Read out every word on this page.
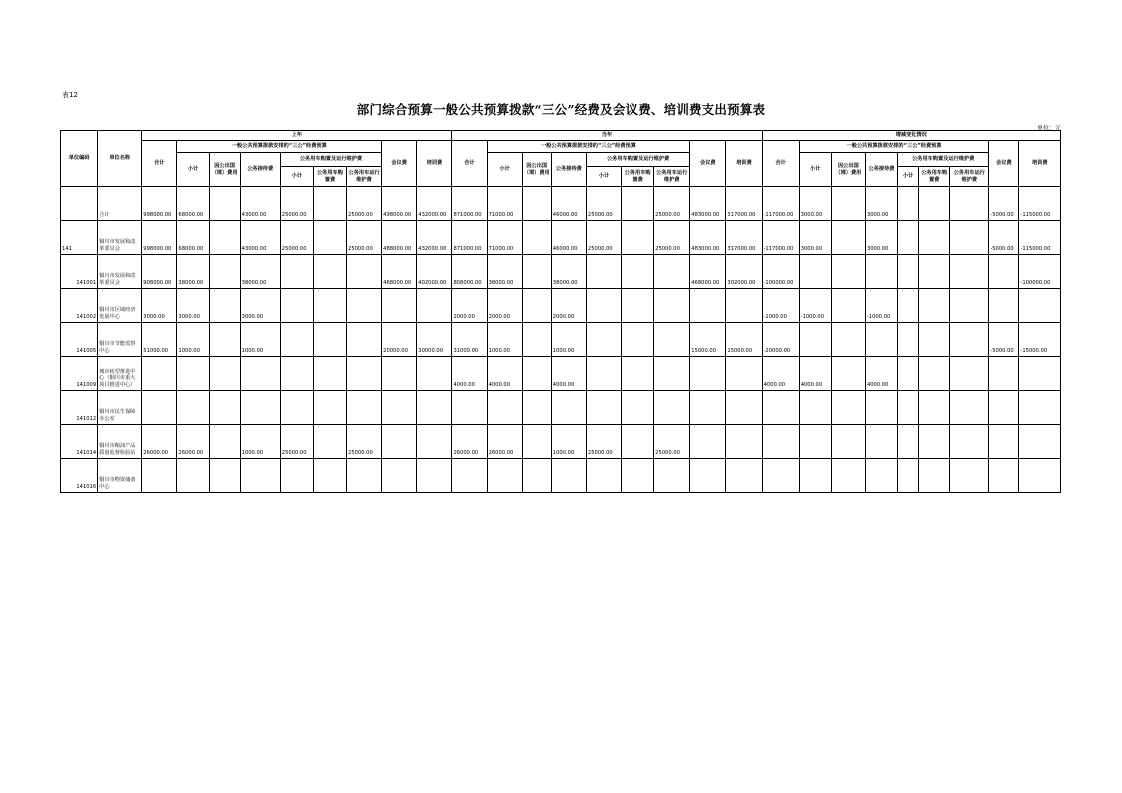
表12
部门综合预算一般公共预算拨款“三公”经费及会议费、培训费支出预算表
单位：元
单位编码	单位名称	上年									当年									增减变化情况								
		合计	一般公共预算拨款安排的“三公”经费预算						会议费	培训费	合计	一般公共预算拨款安排的“三公”经费预算						会议费	培训费	合计	一般公共预算拨款安排的“三公”经费预算						会议费	培训费
			小计	因公出国（境）费用	公务接待费	公务用车购置及运行维护费						小计	因公出国（境）费用	公务接待费	公务用车购置及运行维护费						小计	因公出国（境）费用	公务接待费	公务用车购置及运行维护费				
						小计	公务用车购置费	公务用车运行维护费							小计	公务用车购置费	公务用车运行维护费							小计	公务用车购置费	公务用车运行维护费		
	合计	998000.00	68000.00		43000.00	25000.00		25000.00	498000.00	432000.00	871000.00	71000.00		46000.00	25000.00		25000.00	483000.00	317000.00	-117000.00	3000.00		3000.00				-5000.00	-115000.00
141	铜川市发展和改革委员会	998000.00	68000.00		43000.00	25000.00		25000.00	488000.00	432000.00	871000.00	71000.00		46000.00	25000.00		25000.00	483000.00	317000.00	-117000.00	3000.00		3000.00				-5000.00	-115000.00
141001	铜川市发展和改革委员会	908000.00	38000.00		38000.00				468000.00	402000.00	808000.00	38000.00		38000.00				468000.00	302000.00	-100000.00								-100000.00
141002	铜川市区域经济发展中心	3000.00	3000.00		3000.00						2000.00	2000.00		2000.00						-1000.00	-1000.00		-1000.00					
141005	铜川市节能监察中心	51000.00	1000.00		1000.00				20000.00	30000.00	31000.00	1000.00		1000.00				15000.00	15000.00	-20000.00							-5000.00	-15000.00
141009	城市转型推进中心（铜川市重大项目推进中心）										4000.00	4000.00		4000.00						4000.00	4000.00		4000.00					
141012	铜川市民生保障办公室																											
141014	铜川市粮油产品质量监督检验站	26000.00	26000.00		1000.00	25000.00		25000.00			26000.00	26000.00		1000.00	25000.00		25000.00											
141016	铜川市物资储备中心																											
